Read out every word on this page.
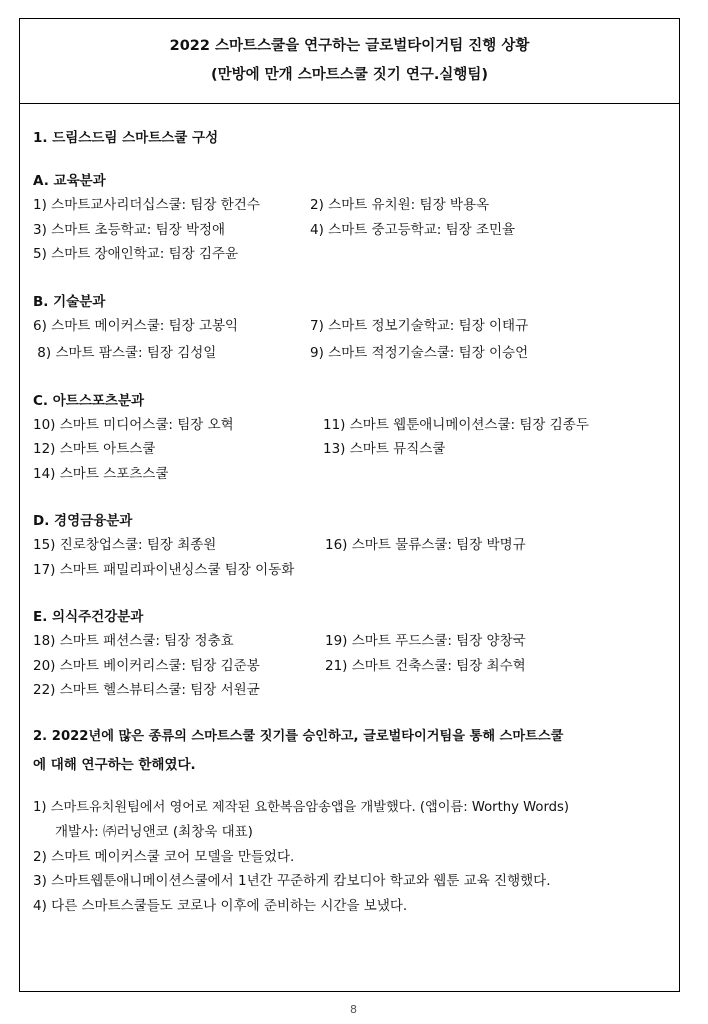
2022 스마트스쿨을 연구하는 글로벌타이거팀 진행 상황
(만방에 만개 스마트스쿨 짓기 연구.실행팀)
1. 드림스드림 스마트스쿨 구성
A. 교육분과
1) 스마트교사리더십스쿨: 팀장 한건수	2) 스마트 유치원: 팀장 박용옥
3) 스마트 초등학교: 팀장 박정애	4) 스마트 중고등학교: 팀장 조민율
5) 스마트 장애인학교: 팀장 김주윤
B. 기술분과
6) 스마트 메이커스쿨: 팀장 고봉익	7) 스마트 정보기술학교: 팀장 이태규
8) 스마트 팜스쿨: 팀장 김성일	9) 스마트 적정기술스쿨: 팀장 이승언
C. 아트스포츠분과
10) 스마트 미디어스쿨: 팀장 오혁	11) 스마트 웹툰애니메이션스쿨: 팀장 김종두
12) 스마트 아트스쿨	13) 스마트 뮤직스쿨
14) 스마트 스포츠스쿨
D. 경영금융분과
15) 진로창업스쿨: 팀장 최종원	16) 스마트 물류스쿨: 팀장 박명규
17) 스마트 패밀리파이낸싱스쿨 팀장 이동화
E. 의식주건강분과
18) 스마트 패션스쿨: 팀장 정충효	19) 스마트 푸드스쿨: 팀장 양창국
20) 스마트 베이커리스쿨: 팀장 김준봉	21) 스마트 건축스쿨: 팀장 최수혁
22) 스마트 헬스뷰티스쿨: 팀장 서원균
2. 2022년에 많은 종류의 스마트스쿨 짓기를 승인하고, 글로벌타이거팀을 통해 스마트스쿨
에 대해 연구하는 한해였다.
1) 스마트유치원팀에서 영어로 제작된 요한복음암송앱을 개발했다. (앱이름: Worthy Words)
개발사: ㈜러닝앤코 (최창욱 대표)
2) 스마트 메이커스쿨 코어 모델을 만들었다.
3) 스마트웹툰애니메이션스쿨에서 1년간 꾸준하게 캄보디아 학교와 웹툰 교육 진행했다.
4) 다른 스마트스쿨들도 코로나 이후에 준비하는 시간을 보냈다.
8
